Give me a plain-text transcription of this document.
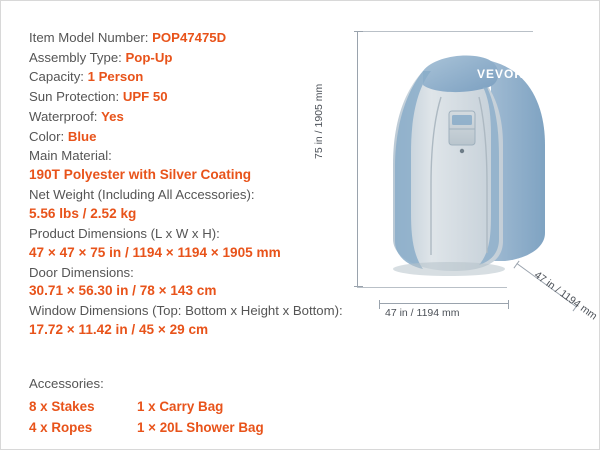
Item Model Number: POP47475D
Assembly Type: Pop-Up
Capacity: 1 Person
Sun Protection: UPF 50
Waterproof: Yes
Color: Blue
Main Material:
190T Polyester with Silver Coating
Net Weight (Including All Accessories):
5.56 lbs / 2.52 kg
Product Dimensions (L x W x H):
47 × 47 × 75 in / 1194 × 1194 × 1905 mm
Door Dimensions:
30.71 × 56.30 in / 78 × 143 cm
Window Dimensions (Top: Bottom x Height x Bottom):
17.72 × 11.42 in / 45 × 29 cm
Accessories:
8 x Stakes	1 x Carry Bag
4 x Ropes	1 × 20L Shower Bag
75 in / 1905 mm
47 in / 1194 mm	47 in / 1194 mm
VEVOR
